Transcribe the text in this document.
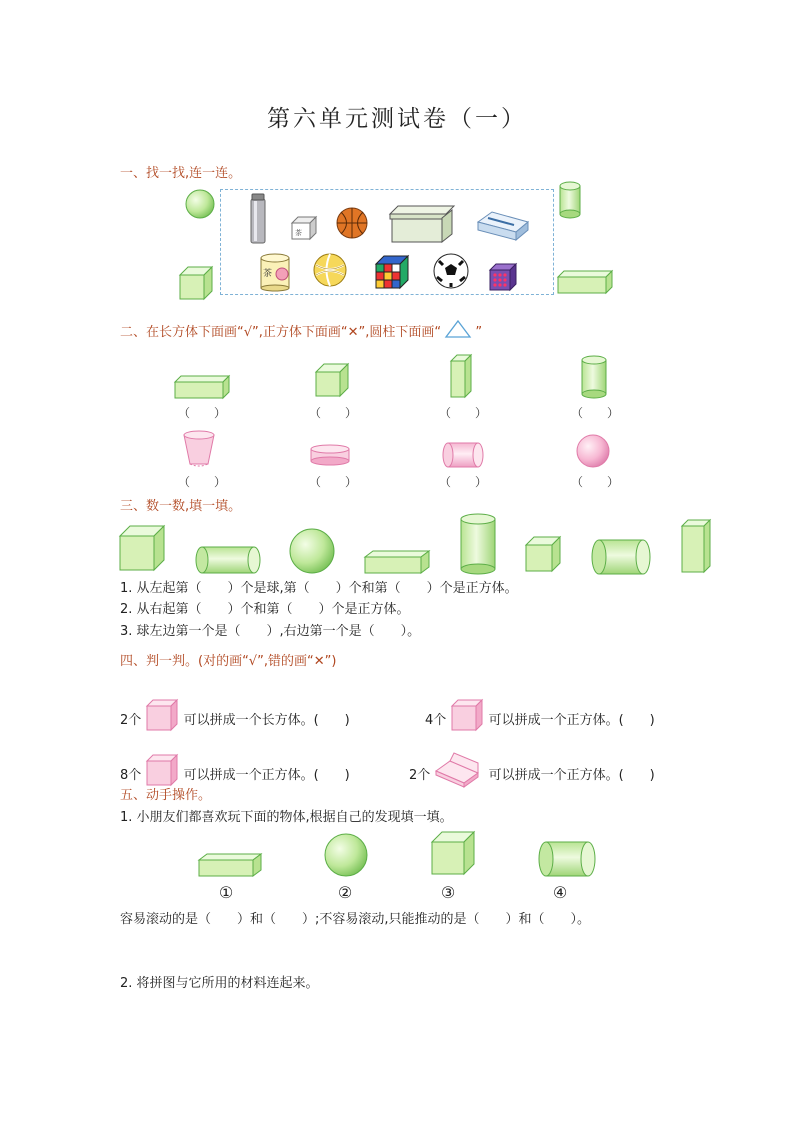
第六单元测试卷（一）
一、找一找,连一连。
茶
茶
二、在长方体下面画“√”,正方体下面画“✕”,圆柱下面画“	”
（　　）	（　　）	（　　）	（　　）
（　　）	（　　）	（　　）	（　　）
三、数一数,填一填。
1. 从左起第（　　）个是球,第（　　）个和第（　　）个是正方体。
2. 从右起第（　　）个和第（　　）个是正方体。
3. 球左边第一个是（　　）,右边第一个是（　　）。
四、判一判。(对的画“√”,错的画“✕”)
2个	可以拼成一个长方体。(　　)	4个	可以拼成一个正方体。(　　)
8个	可以拼成一个正方体。(　　)	2个	可以拼成一个正方体。(　　)
五、动手操作。
1. 小朋友们都喜欢玩下面的物体,根据自己的发现填一填。
①	②	③	④
容易滚动的是（　　）和（　　）;不容易滚动,只能推动的是（　　）和（　　）。
2. 将拼图与它所用的材料连起来。
